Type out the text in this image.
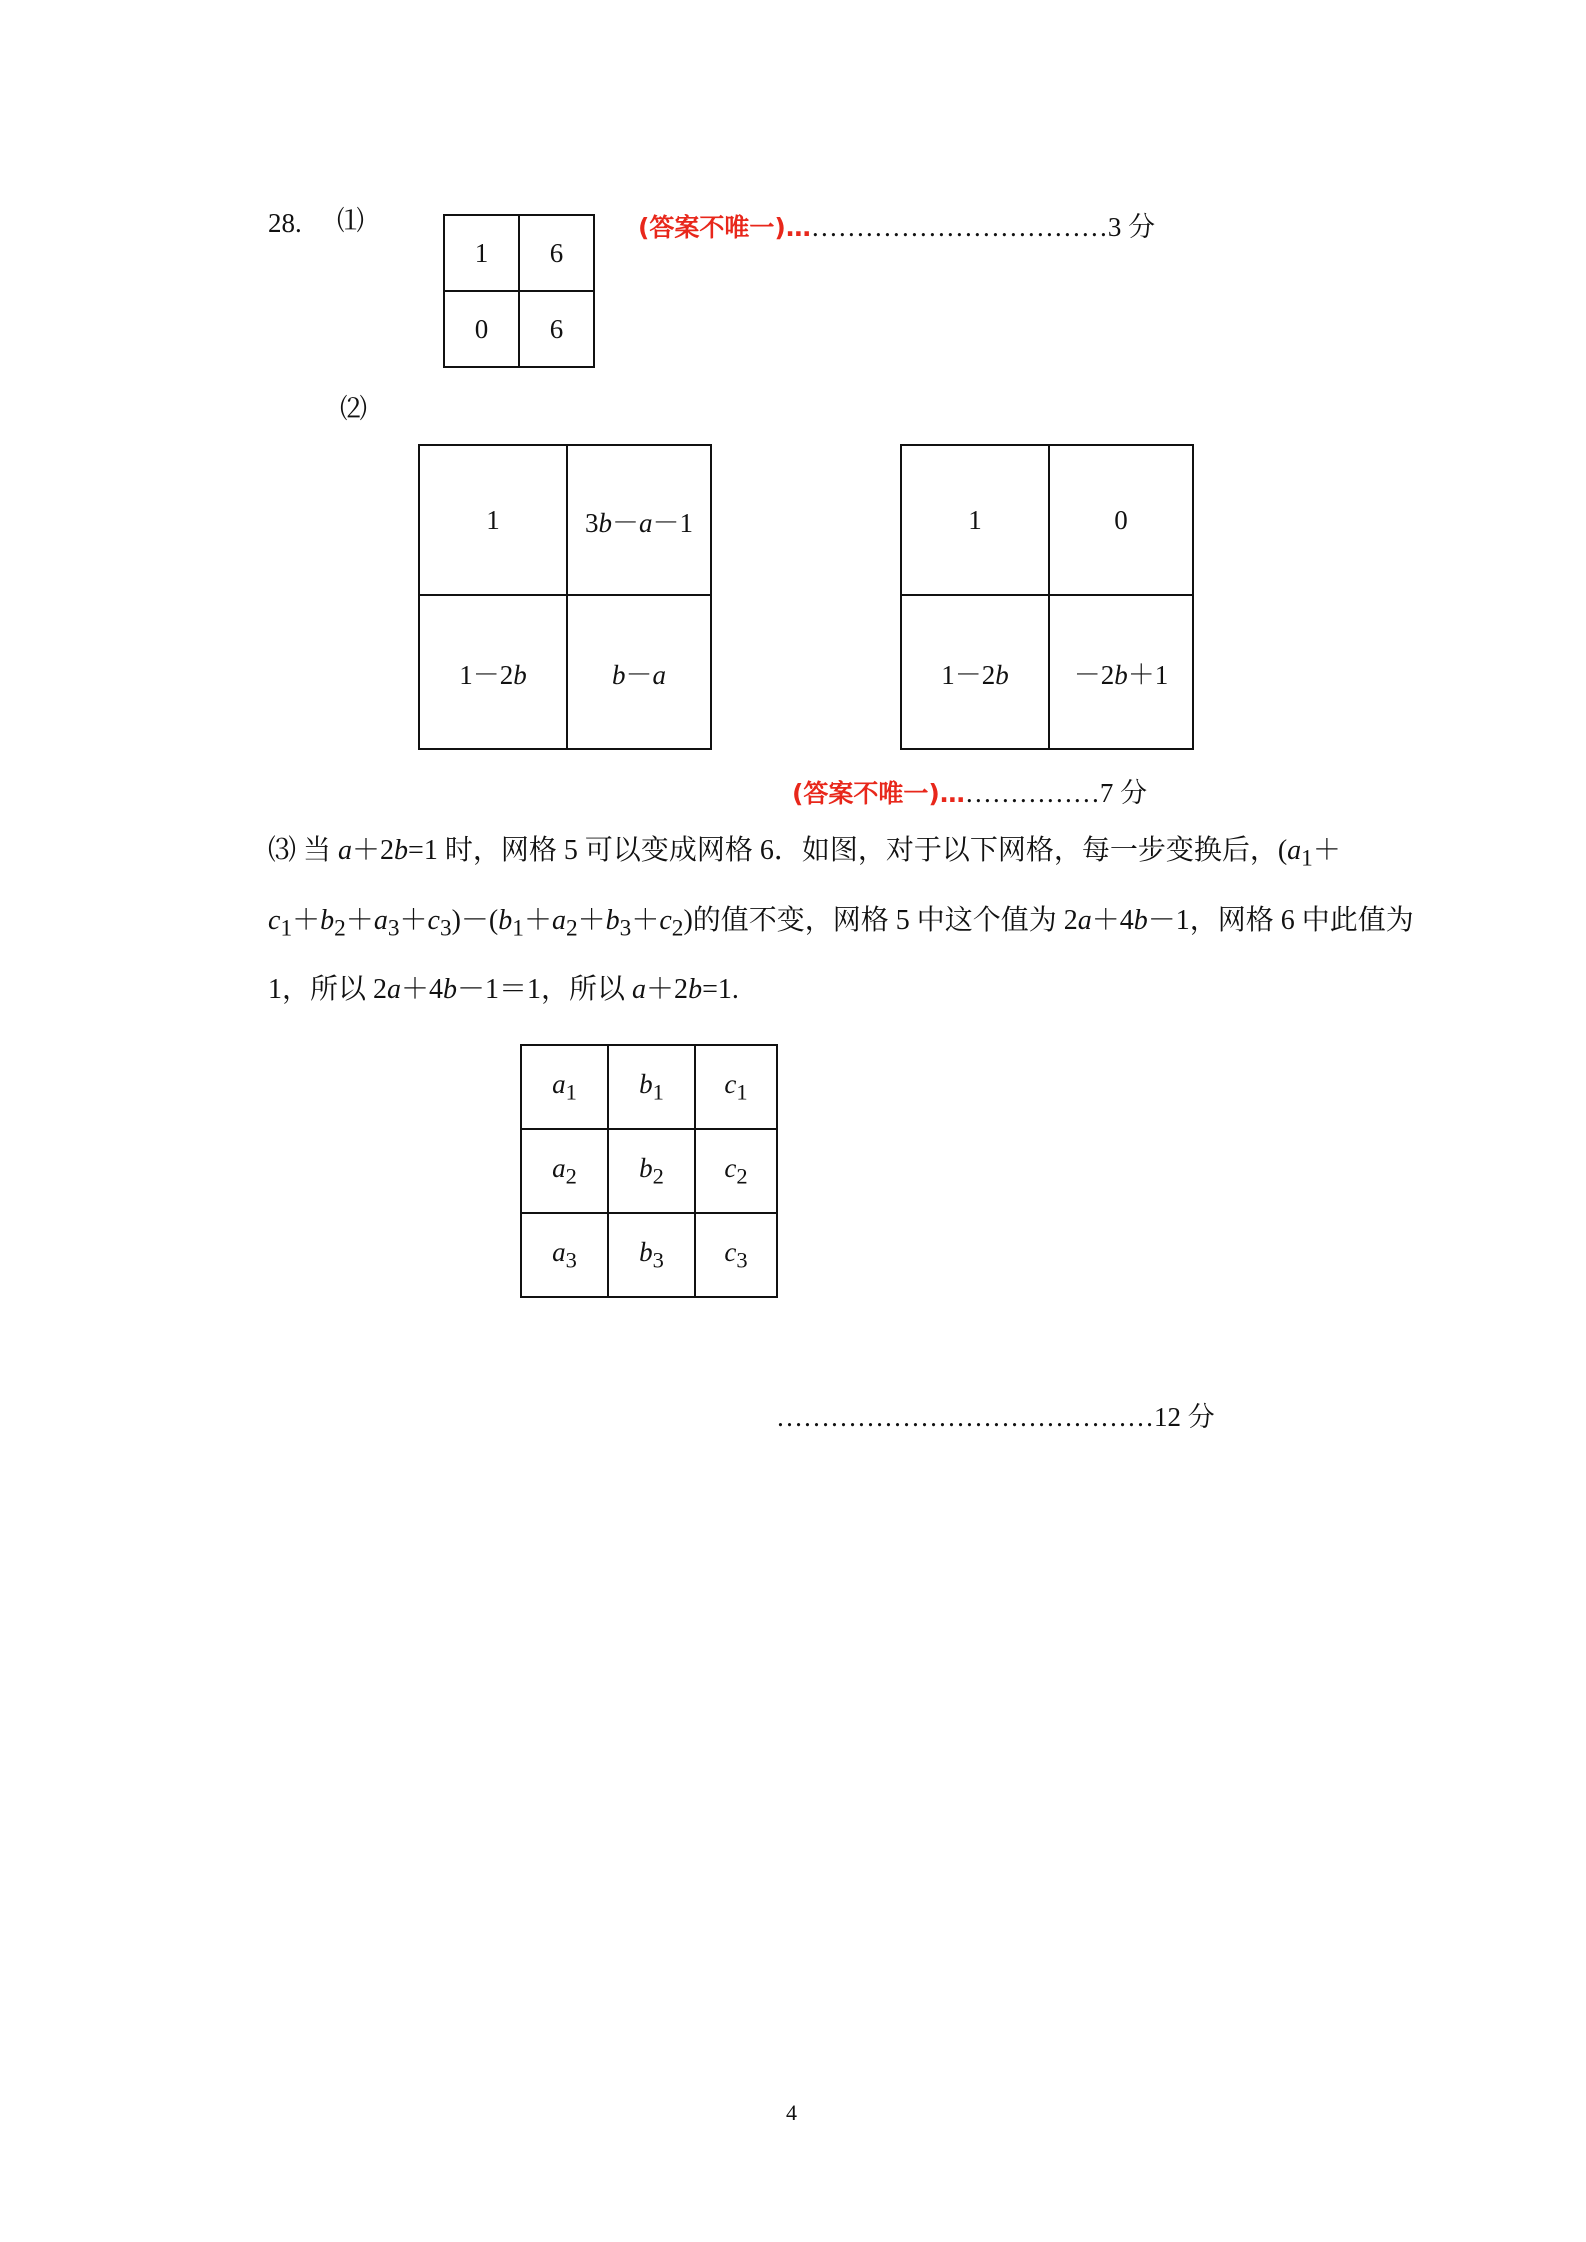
28. ⑴
1	6
0	6
(答案不唯一)………………………………3 分
⑵
1	3b－a－1
1－2b	b－a
1	0
1－2b	－2b＋1
(答案不唯一)………………7 分
⑶ 当 a＋2b=1 时，网格 5 可以变成网格 6．如图，对于以下网格，每一步变换后，($a_1+$
$c_1+b_2+a_3+c_3)-(b_1+a_2+b_3+c_2)$的值不变，网格 5 中这个值为 2a＋4b－1，网格 6 中此值为
1，所以 2a＋4b－1＝1，所以 a＋2b=1.
$a_1$	$b_1$	$c_1$
$a_2$	$b_2$	$c_2$
$a_3$	$b_3$	$c_3$
……………………………………12 分
4
